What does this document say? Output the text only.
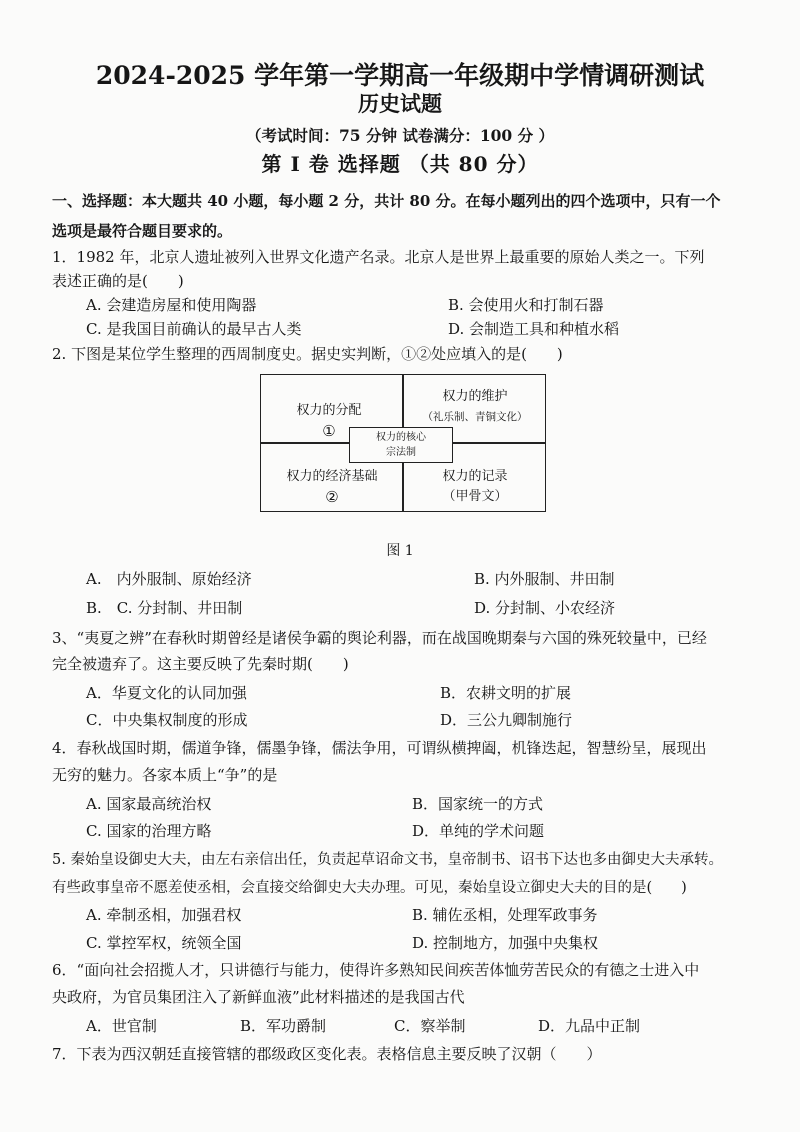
2024-2025 学年第一学期高一年级期中学情调研测试
历史试题
（考试时间：75 分钟 试卷满分：100 分 ）
第 I 卷 选择题 （共 80 分）
一、选择题：本大题共 40 小题，每小题 2 分，共计 80 分。在每小题列出的四个选项中，只有一个
选项是最符合题目要求的。
1．1982 年，北京人遗址被列入世界文化遗产名录。北京人是世界上最重要的原始人类之一。下列
表述正确的是(　　)
A. 会建造房屋和使用陶器	B. 会使用火和打制石器
C. 是我国目前确认的最早古人类	D. 会制造工具和种植水稻
2. 下图是某位学生整理的西周制度史。据史实判断，①②处应填入的是(　　)
权力的分配
①
权力的维护
（礼乐制、青铜文化）
权力的经济基础
②
权力的记录
（甲骨文）
权力的核心
宗法制
图 1
A.　内外服制、原始经济	B. 内外服制、井田制
B.　C. 分封制、井田制	D. 分封制、小农经济
3、“夷夏之辨”在春秋时期曾经是诸侯争霸的舆论利器，而在战国晚期秦与六国的殊死较量中，已经
完全被遗弃了。这主要反映了先秦时期(　　)
A．华夏文化的认同加强	B．农耕文明的扩展
C．中央集权制度的形成	D．三公九卿制施行
4．春秋战国时期，儒道争锋，儒墨争锋，儒法争用，可谓纵横捭阖，机锋迭起，智慧纷呈，展现出
无穷的魅力。各家本质上“争”的是
A. 国家最高统治权	B．国家统一的方式
C. 国家的治理方略	D．单纯的学术问题
5. 秦始皇设御史大夫，由左右亲信出任，负责起草诏命文书，皇帝制书、诏书下达也多由御史大夫承转。
有些政事皇帝不愿差使丞相，会直接交给御史大夫办理。可见，秦始皇设立御史大夫的目的是(　　)
A. 牵制丞相，加强君权	B. 辅佐丞相，处理军政事务
C. 掌控军权，统领全国	D. 控制地方，加强中央集权
6．“面向社会招揽人才，只讲德行与能力，使得许多熟知民间疾苦体恤劳苦民众的有德之士进入中
央政府，为官员集团注入了新鲜血液”此材料描述的是我国古代
A．世官制	B．军功爵制	C．察举制	D．九品中正制
7．下表为西汉朝廷直接管辖的郡级政区变化表。表格信息主要反映了汉朝（　　）
